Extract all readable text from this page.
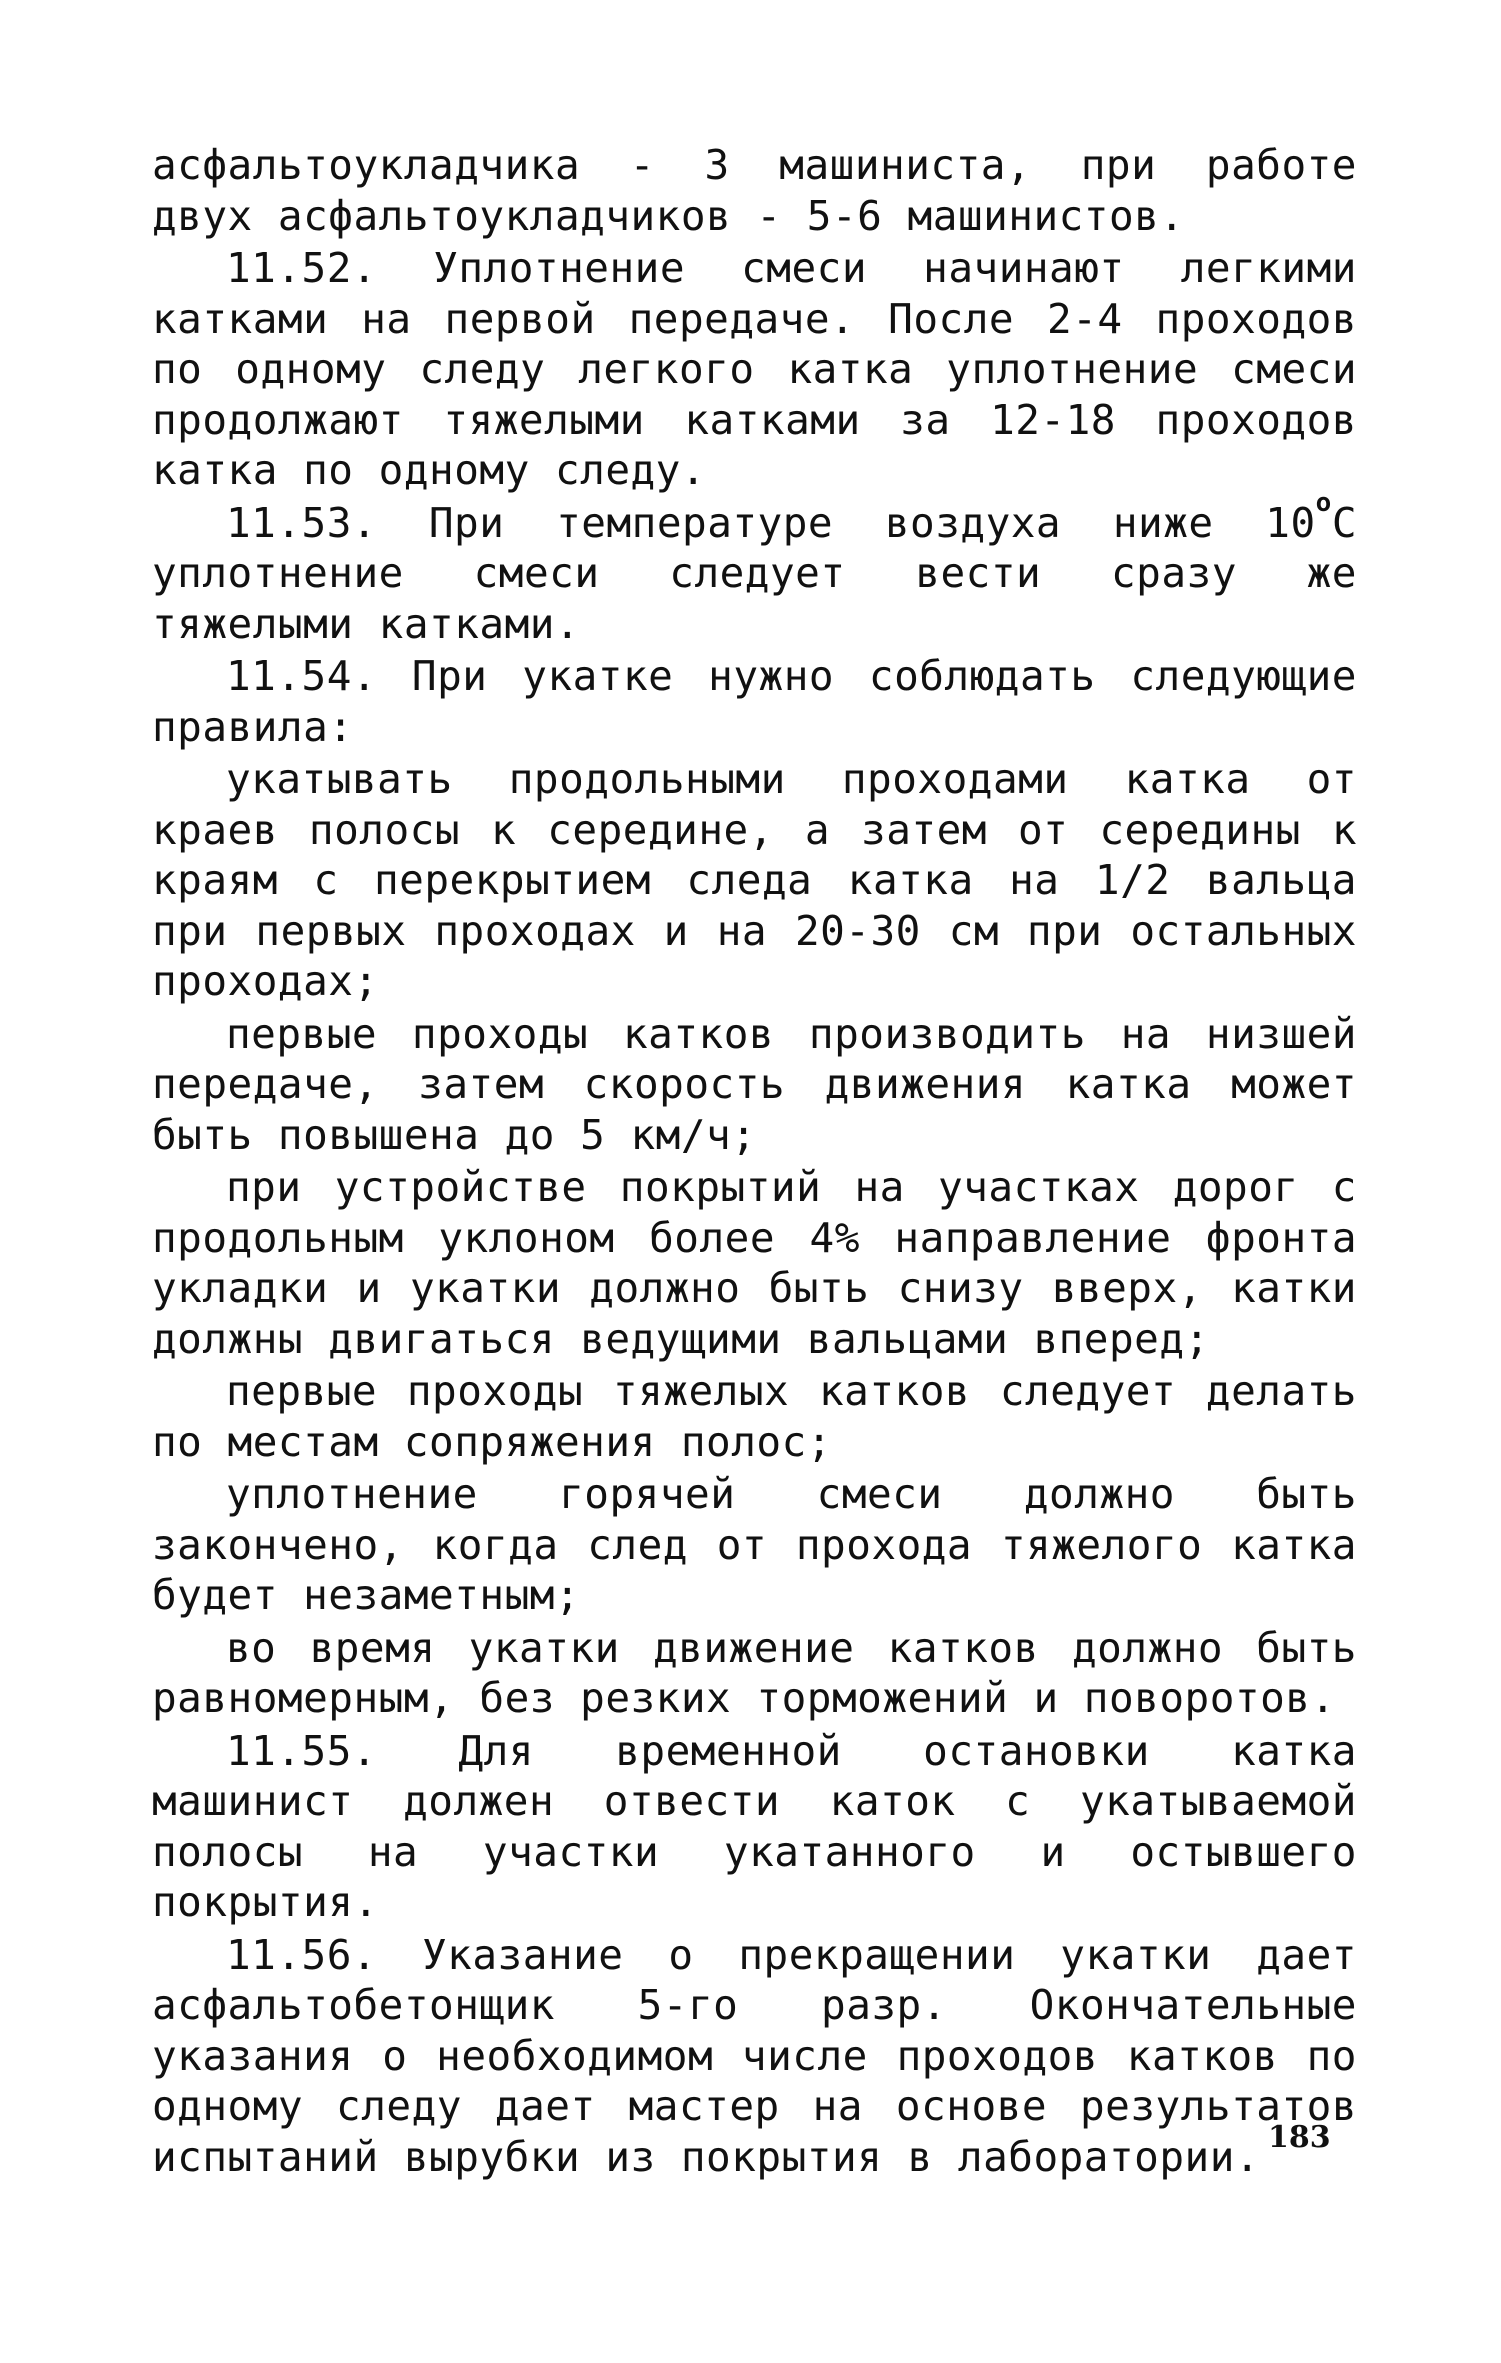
асфальтоукладчика - 3 машиниста, при работе двух асфальтоукладчиков - 5-6 машинистов.

11.52. Уплотнение смеси начинают легкими катками на первой передаче. После 2-4 проходов по одному следу легкого катка уплотнение смеси продолжают тяжелыми катками за 12-18 проходов катка по одному следу.

11.53. При температуре воздуха ниже $10^оС$ уплотнение смеси следует вести сразу же тяжелыми катками.

11.54. При укатке нужно соблюдать следующие правила:

укатывать продольными проходами катка от краев полосы к середине, а затем от середины к краям с перекрытием следа катка на 1/2 вальца при первых проходах и на 20-30 см при остальных проходах;

первые проходы катков производить на низшей передаче, затем скорость движения катка может быть повышена до 5 км/ч;

при устройстве покрытий на участках дорог с продольным уклоном более 4% направление фронта укладки и укатки должно быть снизу вверх, катки должны двигаться ведущими вальцами вперед;

первые проходы тяжелых катков следует делать по местам сопряжения полос;

уплотнение горячей смеси должно быть закончено, когда след от прохода тяжелого катка будет незаметным;

во время укатки движение катков должно быть равномерным, без резких торможений и поворотов.

11.55. Для временной остановки катка машинист должен отвести каток с укатываемой полосы на участки укатанного и остывшего покрытия.

11.56. Указание о прекращении укатки дает асфальтобетонщик 5-го разр. Окончательные указания о необходимом числе проходов катков по одному следу дает мастер на основе результатов испытаний вырубки из покрытия в лаборатории. 183
